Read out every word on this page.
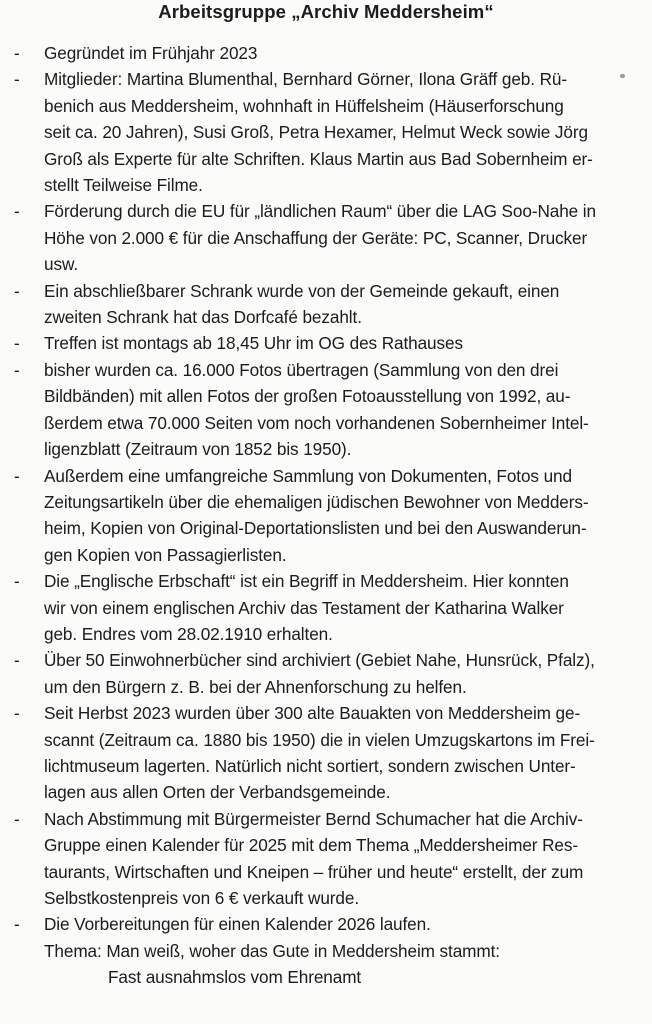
Arbeitsgruppe „Archiv Meddersheim“
-	Gegründet im Frühjahr 2023
-	Mitglieder: Martina Blumenthal, Bernhard Görner, Ilona Gräff geb. Rü-
benich aus Meddersheim, wohnhaft in Hüffelsheim (Häuserforschung
seit ca. 20 Jahren), Susi Groß, Petra Hexamer, Helmut Weck sowie Jörg
Groß als Experte für alte Schriften. Klaus Martin aus Bad Sobernheim er-
stellt Teilweise Filme.
-	Förderung durch die EU für „ländlichen Raum“ über die LAG Soo-Nahe in
Höhe von 2.000 € für die Anschaffung der Geräte: PC, Scanner, Drucker
usw.
-	Ein abschließbarer Schrank wurde von der Gemeinde gekauft, einen
zweiten Schrank hat das Dorfcafé bezahlt.
-	Treffen ist montags ab 18,45 Uhr im OG des Rathauses
-	bisher wurden ca. 16.000 Fotos übertragen (Sammlung von den drei
Bildbänden) mit allen Fotos der großen Fotoausstellung von 1992, au-
ßerdem etwa 70.000 Seiten vom noch vorhandenen Sobernheimer Intel-
ligenzblatt (Zeitraum von 1852 bis 1950).
-	Außerdem eine umfangreiche Sammlung von Dokumenten, Fotos und
Zeitungsartikeln über die ehemaligen jüdischen Bewohner von Medders-
heim, Kopien von Original-Deportationslisten und bei den Auswanderun-
gen Kopien von Passagierlisten.
-	Die „Englische Erbschaft“ ist ein Begriff in Meddersheim. Hier konnten
wir von einem englischen Archiv das Testament der Katharina Walker
geb. Endres vom 28.02.1910 erhalten.
-	Über 50 Einwohnerbücher sind archiviert (Gebiet Nahe, Hunsrück, Pfalz),
um den Bürgern z. B. bei der Ahnenforschung zu helfen.
-	Seit Herbst 2023 wurden über 300 alte Bauakten von Meddersheim ge-
scannt (Zeitraum ca. 1880 bis 1950) die in vielen Umzugskartons im Frei-
lichtmuseum lagerten. Natürlich nicht sortiert, sondern zwischen Unter-
lagen aus allen Orten der Verbandsgemeinde.
-	Nach Abstimmung mit Bürgermeister Bernd Schumacher hat die Archiv-
Gruppe einen Kalender für 2025 mit dem Thema „Meddersheimer Res-
taurants, Wirtschaften und Kneipen – früher und heute“ erstellt, der zum
Selbstkostenpreis von 6 € verkauft wurde.
-	Die Vorbereitungen für einen Kalender 2026 laufen.
Thema: Man weiß, woher das Gute in Meddersheim stammt:
Fast ausnahmslos vom Ehrenamt
